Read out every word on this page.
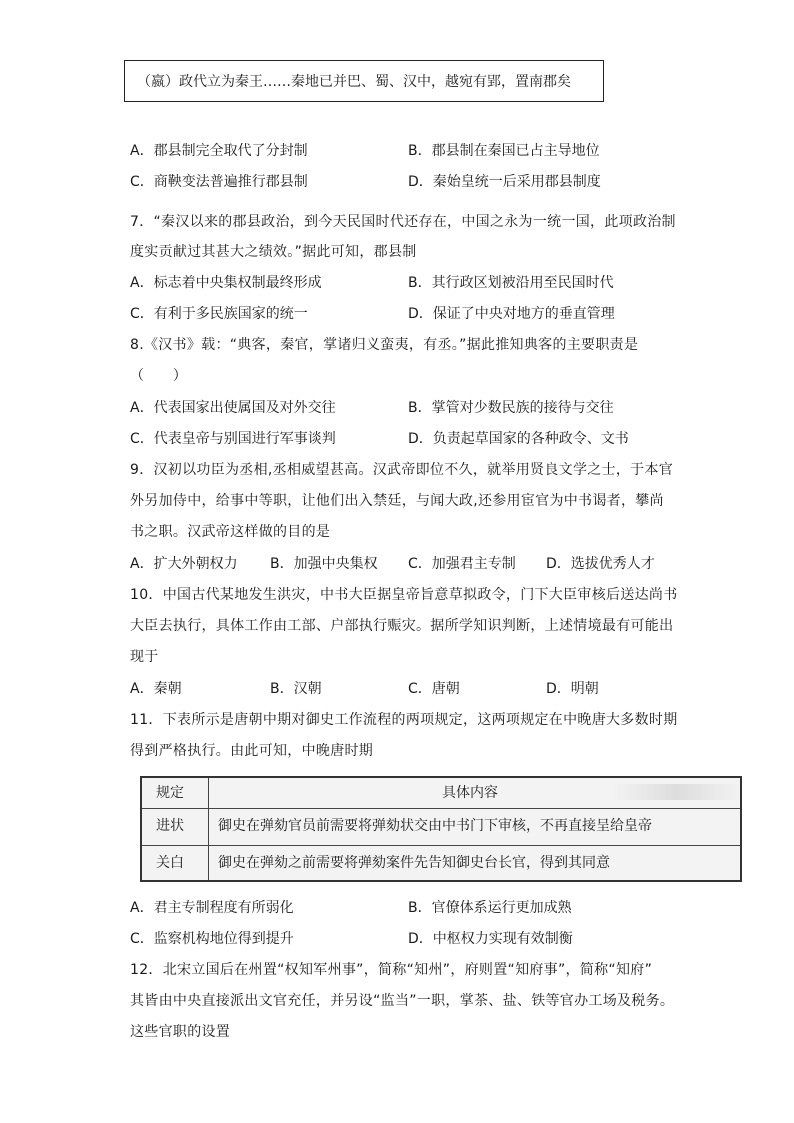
（嬴）政代立为秦王……秦地已并巴、蜀、汉中，越宛有郢，置南郡矣
A．郡县制完全取代了分封制	B．郡县制在秦国已占主导地位
C．商鞅变法普遍推行郡县制	D．秦始皇统一后采用郡县制度
7．“秦汉以来的郡县政治，到今天民国时代还存在，中国之永为一统一国，此项政治制
度实贡献过其甚大之绩效。”据此可知，郡县制
A．标志着中央集权制最终形成	B．其行政区划被沿用至民国时代
C．有利于多民族国家的统一	D．保证了中央对地方的垂直管理
8.《汉书》载：“典客，秦官，掌诸归义蛮夷，有丞。”据此推知典客的主要职责是
（　　）
A．代表国家出使属国及对外交往	B．掌管对少数民族的接待与交往
C．代表皇帝与别国进行军事谈判	D．负责起草国家的各种政令、文书
9．汉初以功臣为丞相,丞相威望甚高。汉武帝即位不久，就举用贤良文学之士，于本官
外另加侍中，给事中等职，让他们出入禁廷，与闻大政,还参用宦官为中书谒者，攀尚
书之职。汉武帝这样做的目的是
A．扩大外朝权力 B．加强中央集权 C．加强君主专制 D．选拔优秀人才
10．中国古代某地发生洪灾，中书大臣据皇帝旨意草拟政令，门下大臣审核后送达尚书
大臣去执行，具体工作由工部、户部执行赈灾。据所学知识判断，上述情境最有可能出
现于
A．秦朝	B．汉朝	C．唐朝	D．明朝
11．下表所示是唐朝中期对御史工作流程的两项规定，这两项规定在中晚唐大多数时期
得到严格执行。由此可知，中晚唐时期
规定	具体内容
进状 御史在弹劾官员前需要将弹劾状交由中书门下审核，不再直接呈给皇帝
关白 御史在弹劾之前需要将弹劾案件先告知御史台长官，得到其同意
A．君主专制程度有所弱化	B．官僚体系运行更加成熟
C．监察机构地位得到提升	D．中枢权力实现有效制衡
12．北宋立国后在州置“权知军州事”，简称“知州”，府则置“知府事”，简称“知府”
其皆由中央直接派出文官充任，并另设“监当”一职，掌茶、盐、铁等官办工场及税务。
这些官职的设置
